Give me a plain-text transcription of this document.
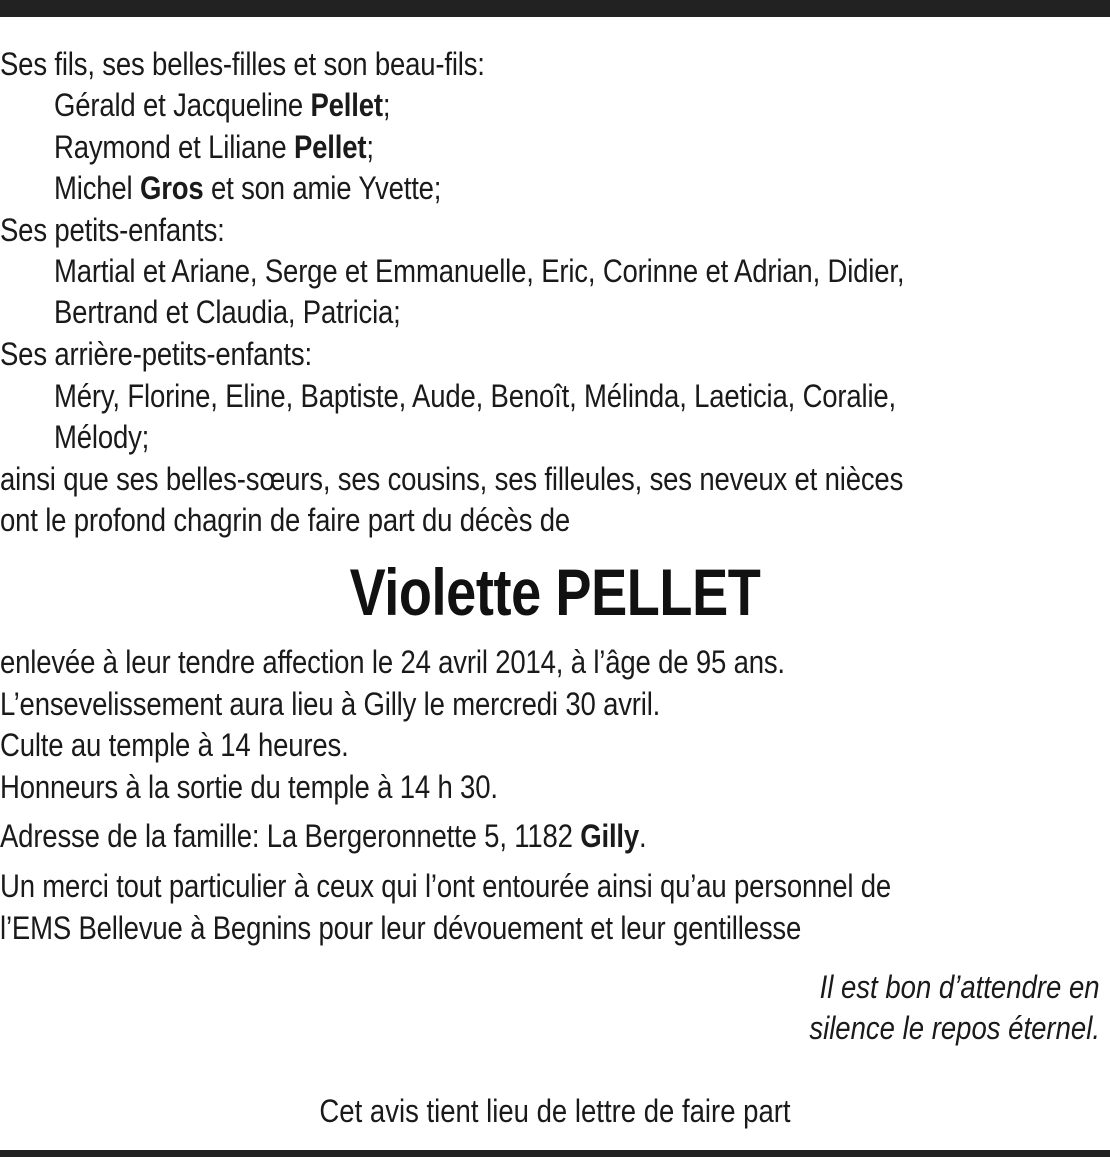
Ses fils, ses belles-filles et son beau-fils:

Gérald et Jacqueline Pellet;

Raymond et Liliane Pellet;

Michel Gros et son amie Yvette;

Ses petits-enfants:

Martial et Ariane, Serge et Emmanuelle, Eric, Corinne et Adrian, Didier,

Bertrand et Claudia, Patricia;

Ses arrière-petits-enfants:

Méry, Florine, Eline, Baptiste, Aude, Benoît, Mélinda, Laeticia, Coralie,

Mélody;

ainsi que ses belles-sœurs, ses cousins, ses filleules, ses neveux et nièces

ont le profond chagrin de faire part du décès de

Violette PELLET

enlevée à leur tendre affection le 24 avril 2014, à l’âge de 95 ans.

L’ensevelissement aura lieu à Gilly le mercredi 30 avril.

Culte au temple à 14 heures.

Honneurs à la sortie du temple à 14 h 30.

Adresse de la famille: La Bergeronnette 5, 1182 Gilly.

Un merci tout particulier à ceux qui l’ont entourée ainsi qu’au personnel de

l’EMS Bellevue à Begnins pour leur dévouement et leur gentillesse

Il est bon d’attendre en

silence le repos éternel.

Cet avis tient lieu de lettre de faire part
